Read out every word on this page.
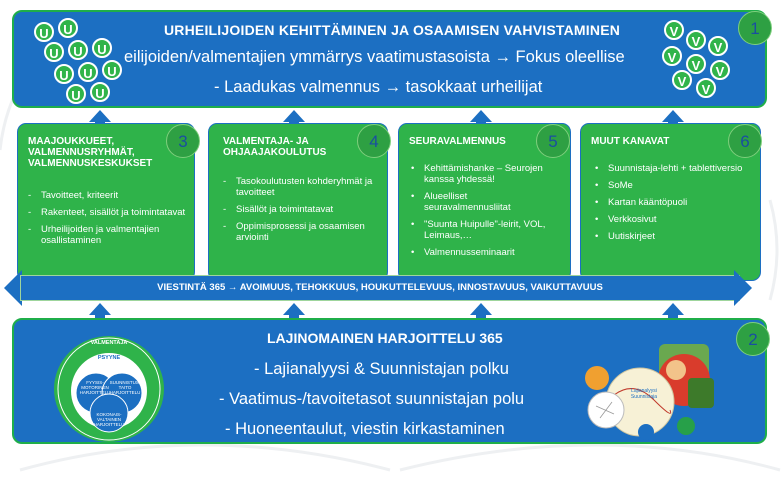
U	U
U	U	U
U	U	U
U	U
V
V	V
V
V	V
V
V
URHEILIJOIDEN KEHITTÄMINEN JA OSAAMISEN VAHVISTAMINEN
eilijoiden/valmentajien ymmärrys vaatimustasoista → Fokus oleellise
- Laadukas valmennus → tasokkaat urheilijat
1
MAAJOUKKUEET, VALMENNUSRYHMÄT, VALMENNUSKESKUKSET
- Tavoitteet, kriteerit
- Rakenteet, sisällöt ja toimintatavat
- Urheilijoiden ja valmentajien osallistaminen
3	VALMENTAJA- JA OHJAAJAKOULUTUS
- Tasokoulutusten kohderyhmät ja tavoitteet
- Sisällöt ja toimintatavat
- Oppimisprosessi ja osaamisen arviointi
4	SEURAVALMENNUS
• Kehittämishanke – Seurojen kanssa yhdessä!
• Alueelliset seuravalmennusliitat
• "Suunta Huipulle"-leirit, VOL, Leimaus,…
• Valmennusseminaarit
5	MUUT KANAVAT
• Suunnistaja-lehti + tablettiversio
• SoMe
• Kartan kääntöpuoli
• Verkkosivut
• Uutiskirjeet
6
VIESTINTÄ 365 → AVOIMUUS, TEHOKKUUS, HOUKUTTELEVUUS, INNOSTAVUUS, VAIKUTTAVUUS
LAJINOMAINEN HARJOITTELU 365
- Lajianalyysi & Suunnistajan polku
- Vaatimus-/tavoitetasot suunnistajan polu
- Huoneentaulut, viestin kirkastaminen
VALMENTAJA
PSYYNE
FYYSIS-MOTORINEN HARJOITTELU
SUUNNISTUS-TAITO HARJOITTELU
KOKONAIS-VALTAINEN HARJOITTELU
Lajianalyysi Suunnistaja
2
